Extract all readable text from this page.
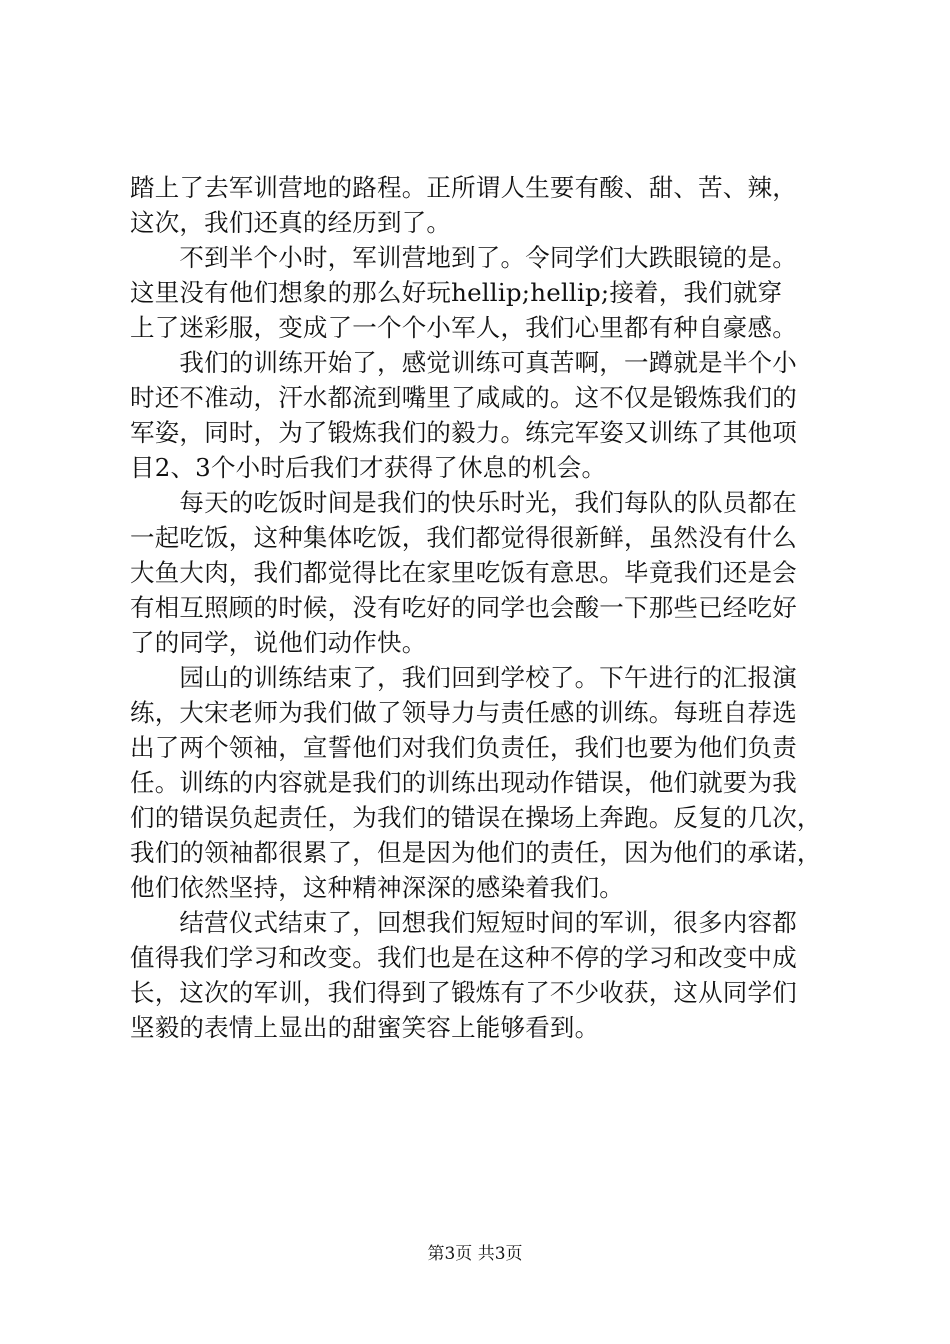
踏上了去军训营地的路程。正所谓人生要有酸、甜、苦、辣，
这次，我们还真的经历到了。
　　不到半个小时，军训营地到了。令同学们大跌眼镜的是。
这里没有他们想象的那么好玩hellip;hellip;接着，我们就穿
上了迷彩服，变成了一个个小军人，我们心里都有种自豪感。
　　我们的训练开始了，感觉训练可真苦啊，一蹲就是半个小
时还不准动，汗水都流到嘴里了咸咸的。这不仅是锻炼我们的
军姿，同时，为了锻炼我们的毅力。练完军姿又训练了其他项
目2、3个小时后我们才获得了休息的机会。
　　每天的吃饭时间是我们的快乐时光，我们每队的队员都在
一起吃饭，这种集体吃饭，我们都觉得很新鲜，虽然没有什么
大鱼大肉，我们都觉得比在家里吃饭有意思。毕竟我们还是会
有相互照顾的时候，没有吃好的同学也会酸一下那些已经吃好
了的同学，说他们动作快。
　　园山的训练结束了，我们回到学校了。下午进行的汇报演
练，大宋老师为我们做了领导力与责任感的训练。每班自荐选
出了两个领袖，宣誓他们对我们负责任，我们也要为他们负责
任。训练的内容就是我们的训练出现动作错误，他们就要为我
们的错误负起责任，为我们的错误在操场上奔跑。反复的几次，
我们的领袖都很累了，但是因为他们的责任，因为他们的承诺，
他们依然坚持，这种精神深深的感染着我们。
　　结营仪式结束了，回想我们短短时间的军训，很多内容都
值得我们学习和改变。我们也是在这种不停的学习和改变中成
长，这次的军训，我们得到了锻炼有了不少收获，这从同学们
坚毅的表情上显出的甜蜜笑容上能够看到。
第3页 共3页
